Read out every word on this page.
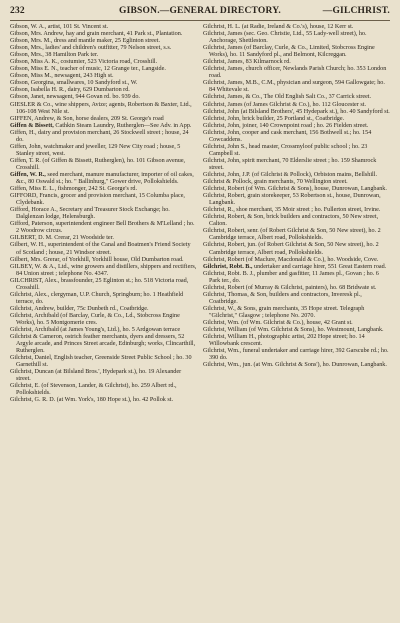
232	GIBSON.—GENERAL DIRECTORY.	—GILCHRIST.

Gibson, W. A., artist, 101 St. Vincent st.

Gibson, Mrs. Andrew, hay and grain merchant, 41 Park st., Plantation.

Gibson, Mrs. M., dress and mantle maker, 25 Eglinton street.

Gibson, Mrs., ladies' and children's outfitter, 79 Nelson street, s.s.

Gibson, Mrs., 38 Hamilton Park ter.

Gibson, Miss A. K., costumier, 523 Victoria road, Crosshill.

Gibson, Miss E. N., teacher of music, 12 Grange ter., Langside.

Gibson, Miss M., newsagent, 243 High st.

Gibson, Georgina, smallwares, 10 Sandyford st., W.

Gibson, Isabella H. R., dairy, 629 Dumbarton rd.

Gibson, Janet, newsagent, 944 Govan rd. bo. 939 do.

GIESLER & Co., wine shippers, Avize; agents, Robertson & Baxter, Ltd., 106-108 West Nile st.

GIFFEN, Andrew, & Son, horse dealers, 209 St. George's road

Giffen & Bissett, Cathkin Steam Laundry, Rutherglen—See Adv. in App.

Giffen, H., dairy and provision merchant, 26 Stockwell street ; house, 24 do.

Giffen, John, watchmaker and jeweller, 129 New City road ; house, 5 Stanley street, west.

Giffen, T. R. (of Giffen & Bissett, Rutherglen), ho. 101 Gibson avenue, Crosshill.

Giffen, W. R., seed merchant, manure manufacturer, importer of oil cakes, &c., 80 Oswald st.; ho. " Ballinhurg," Gower drive, Pollokshields.

Giffen, Miss E. L., fishmonger, 242 St. George's rd.

GIFFORD, Francis, grocer and provision merchant, 15 Columba place, Clydebank.

Gifford, Horace A., Secretary and Treasurer Stock Exchange; ho. Dalglenzan lodge, Helensburgh.

Gifford, Paterson, superintendent engineer Bell Brothers & M'Lelland ; ho. 2 Woodrow circus.

GILBERT, D. M. Crerar, 21 Woodside ter.

Gilbert, W. H., superintendent of the Canal and Boatmen's Friend Society of Scotland ; house, 21 Windsor street.

Gilbert, Mrs. Grerar, of Yorkhill, Yorkhill house, Old Dumbarton road.

GILBEY, W. & A., Ltd., wine growers and distillers, shippers and rectifiers, 84 Union street ; telephone No. 4347.

GILCHRIST, Alex., brassfounder, 25 Eglinton st.; ho. 518 Victoria road, Crosshill.

Gilchrist, Alex., clergyman, U.P. Church, Springburn; ho. 1 Heathfield terrace, do.

Gilchrist, Andrew, builder, 75c Dunbeth rd., Coatbridge.

Gilchrist, Archibald (of Barclay, Curle, & Co., Ld., Stobcross Engine Works), ho. 5 Montgomerie cres.

Gilchrist, Archibald (at James Young's, Ltd.), ho. 5 Ardgowan terrace

Gilchrist & Cameron, ostrich feather merchants, dyers and dressers, 52 Argyle arcade, and Princes Street arcade, Edinburgh; works, Clincarthill, Rutherglen.

Gilchrist, Daniel, English teacher, Greenside Street Public School ; ho. 30 Garnethill st.

Gilchrist, Duncan (at Bilsland Bros.', Hydepark st.), ho. 19 Alexander street.

Gilchrist, E. (of Stevenson, Lander, & Gilchrist), ho. 259 Albert rd., Pollokshields.

Gilchrist, G. R. D. (at Wm. York's, 180 Hope st.), ho. 42 Pollok st.

Gilchrist, H. L. (at Radie, Ireland & Co.'s), house, 12 Kerr st.

Gilchrist, James (sec. Geo. Christie, Ltd., 55 Lady-well street), ho. Anchorage, Shettleston.

Gilchrist, James (of Barclay, Curle, & Co., Limited, Stobcross Engine Works), ho. 11 Sandyford pl., and Belmont, Kilcreggan.

Gilchrist, James, 83 Kilmarnock rd.

Gilchrist, James, church officer, Newlands Parish Church; ho. 353 London road.

Gilchrist, James, M.B., C.M., physician and surgeon, 594 Gallowgate; ho. 84 Whitevale st.

Gilchrist, James, & Co., The Old English Salt Co., 37 Carrick street.

Gilchrist, James (of James Gilchrist & Co.), ho. 112 Gloucester st.

Gilchrist, John (at Bilsland Brothers', 45 Hydepark st.), ho. 40 Sandyford st.

Gilchrist, John, brick builder, 25 Portland st., Coatbridge.

Gilchrist, John, joiner, 140 Crownpoint road ; ho. 26 Fielden street.

Gilchrist, John, cooper and cask merchant, 156 Bothwell st.; ho. 154 Cowcaddens.

Gilchrist, John S., head master, Crossmyloof public school ; ho. 23 Campbell st.

Gilchrist, John, spirit merchant, 70 Elderslie street ; ho. 159 Shamrock street.

Gilchrist, John, J.P. (of Gilchrist & Pollock), Orbiston mains, Bellshill.

Gilchrist & Pollock, grain merchants, 70 Wellington street.

Gilchrist, Robert (of Wm. Gilchrist & Sons), house, Dunrowan, Langbank.

Gilchrist, Robert, grain storekeeper, 53 Robertson st., house, Dunrowan, Langbank.

Gilchrist, R., shoe merchant, 35 Moir street ; ho. Fullerton street, Irvine.

Gilchrist, Robert, & Son, brick builders and contractors, 50 New street, Calton.

Gilchrist, Robert, senr. (of Robert Gilchrist & Son, 50 New street), ho. 2 Cambridge terrace, Albert road, Pollokshields.

Gilchrist, Robert, jun. (of Robert Gilchrist & Son, 50 New street), ho. 2 Cambridge terrace, Albert road, Pollokshields.

Gilchrist, Robert (of Maclure, Macdonald & Co.), ho. Woodside, Cove.

Gilchrist, Robt. B., undertaker and carriage hirer, 551 Great Eastern road.

Gilchrist, Robt. B. J., plumber and gasfitter, 11 James pl., Govan ; ho. 6 Park ter., do.

Gilchrist, Robert (of Murray & Gilchrist, painters), ho. 68 Bridwate st.

Gilchrist, Thomas, & Son, builders and contractors, Inveresk pl., Coatbridge.

Gilchrist, W., & Sons, grain merchants, 35 Hope street. Telegraph "Gilchrist," Glasgow ; telephone No. 2070.

Gilchrist, Wm. (of Wm. Gilchrist & Co.), house, 42 Grant st.

Gilchrist, William (of Wm. Gilchrist & Sons), ho. Westmount, Langbank.

Gilchrist, William H., photographic artist, 202 Hope street; ho. 14 Willowbank crescent.

Gilchrist, Wm., funeral undertaker and carriage hirer, 392 Garscube rd.; ho. 390 do.

Gilchrist, Wm., jun. (at Wm. Gilchrist & Sons'), ho. Dunrowan, Langbank.
